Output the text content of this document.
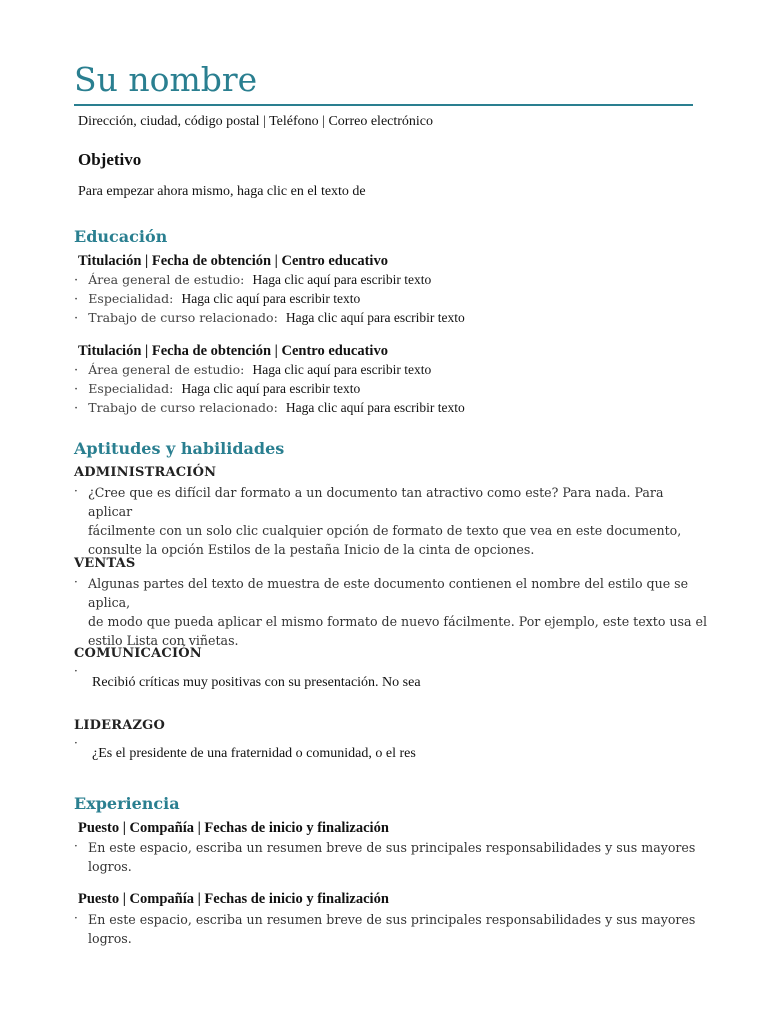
Su nombre
Dirección, ciudad, código postal | Teléfono | Correo electrónico
Objetivo
Para empezar ahora mismo, haga clic en el texto de
Educación
Titulación | Fecha de obtención | Centro educativo
· Área general de estudio: Haga clic aquí para escribir texto
· Especialidad: Haga clic aquí para escribir texto
· Trabajo de curso relacionado: Haga clic aquí para escribir texto
Titulación | Fecha de obtención | Centro educativo
· Área general de estudio: Haga clic aquí para escribir texto
· Especialidad: Haga clic aquí para escribir texto
· Trabajo de curso relacionado: Haga clic aquí para escribir texto
Aptitudes y habilidades
ADMINISTRACIÓN
· ¿Cree que es difícil dar formato a un documento tan atractivo como este? Para nada. Para aplicar
fácilmente con un solo clic cualquier opción de formato de texto que vea en este documento,
consulte la opción Estilos de la pestaña Inicio de la cinta de opciones.
VENTAS
· Algunas partes del texto de muestra de este documento contienen el nombre del estilo que se aplica,
de modo que pueda aplicar el mismo formato de nuevo fácilmente. Por ejemplo, este texto usa el
estilo Lista con viñetas.
COMUNICACIÓN
·
Recibió críticas muy positivas con su presentación. No sea
LIDERAZGO
·
¿Es el presidente de una fraternidad o comunidad, o el res
Experiencia
Puesto | Compañía | Fechas de inicio y finalización
· En este espacio, escriba un resumen breve de sus principales responsabilidades y sus mayores
logros.
Puesto | Compañía | Fechas de inicio y finalización
· En este espacio, escriba un resumen breve de sus principales responsabilidades y sus mayores
logros.
